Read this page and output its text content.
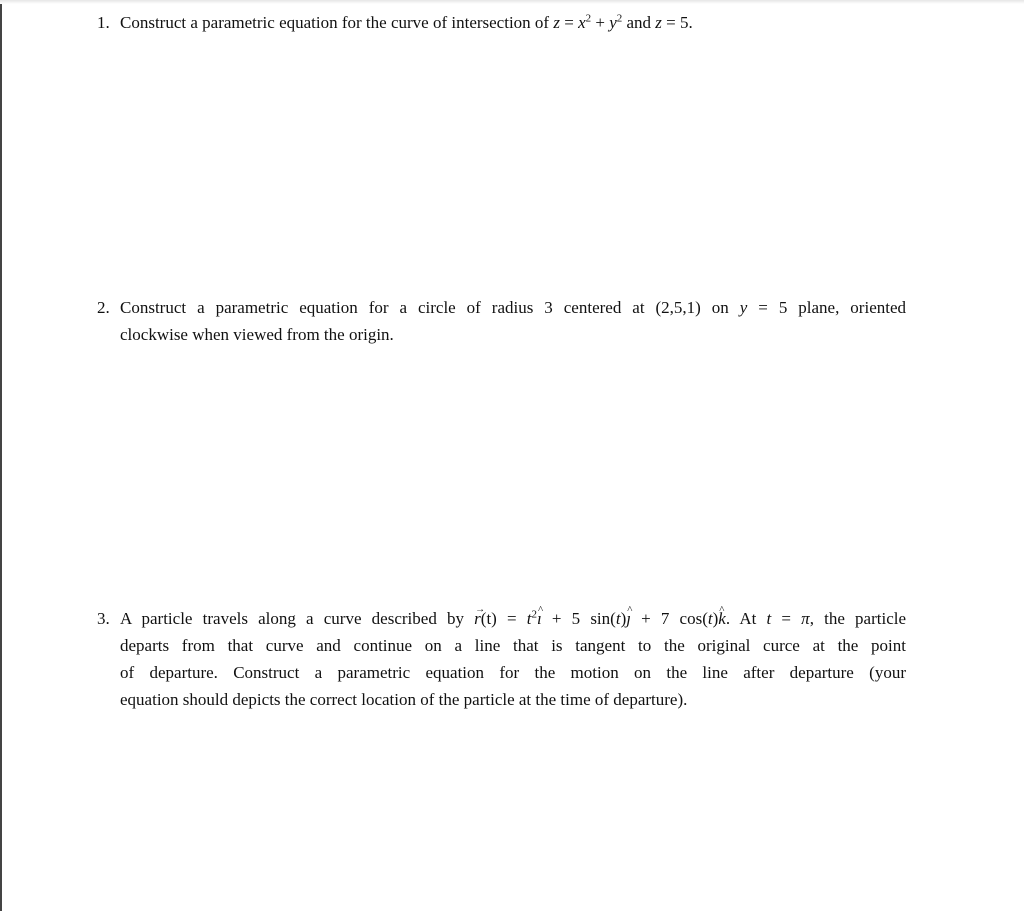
1. Construct a parametric equation for the curve of intersection of $z = x^2 + y^2$ and z = 5.
2. Construct a parametric equation for a circle of radius 3 centered at (2,5,1) on y = 5 plane, oriented
clockwise when viewed from the origin.
3. A particle travels along a curve described by → $r(t) = t^2\^{}$ ı + 5 sin(t)^ ȷ + 7 cos(t)^ k. At t = π, the particle
departs from that curve and continue on a line that is tangent to the original curce at the point
of departure. Construct a parametric equation for the motion on the line after departure (your
equation should depicts the correct location of the particle at the time of departure).
